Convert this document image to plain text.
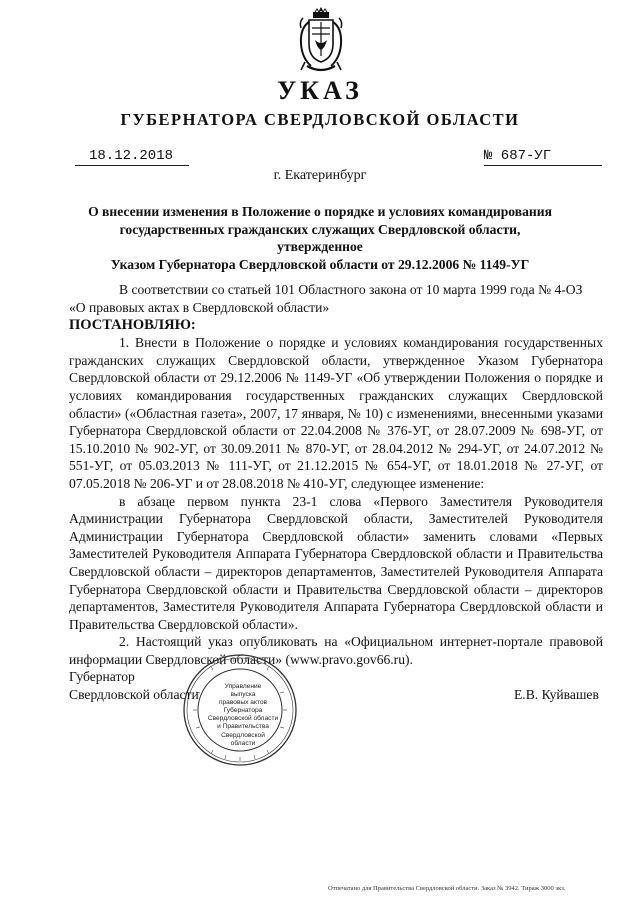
УКАЗ
ГУБЕРНАТОРА СВЕРДЛОВСКОЙ ОБЛАСТИ
18.12.2018	№ 687-УГ
г. Екатеринбург
О внесении изменения в Положение о порядке и условиях командирования
государственных гражданских служащих Свердловской области, утвержденное
Указом Губернатора Свердловской области от 29.12.2006 № 1149-УГ

В соответствии со статьей 101 Областного закона от 10 марта 1999 года № 4-ОЗ

«О правовых актах в Свердловской области»

ПОСТАНОВЛЯЮ:

1. Внести в Положение о порядке и условиях командирования государственных гражданских служащих Свердловской области, утвержденное Указом Губернатора Свердловской области от 29.12.2006 № 1149-УГ «Об утверждении Положения о порядке и условиях командирования государственных гражданских служащих Свердловской области» («Областная газета», 2007, 17 января, № 10) с изменениями, внесенными указами Губернатора Свердловской области от 22.04.2008 № 376-УГ, от 28.07.2009 № 698-УГ, от 15.10.2010 № 902-УГ, от 30.09.2011 № 870-УГ, от 28.04.2012 № 294-УГ, от 24.07.2012 № 551-УГ, от 05.03.2013 № 111-УГ, от 21.12.2015 № 654-УГ, от 18.01.2018 № 27-УГ, от 07.05.2018 № 206-УГ и от 28.08.2018 № 410-УГ, следующее изменение:

в абзаце первом пункта 23-1 слова «Первого Заместителя Руководителя Администрации Губернатора Свердловской области, Заместителей Руководителя Администрации Губернатора Свердловской области» заменить словами «Первых Заместителей Руководителя Аппарата Губернатора Свердловской области и Правительства Свердловской области – директоров департаментов, Заместителей Руководителя Аппарата Губернатора Свердловской области и Правительства Свердловской области – директоров департаментов, Заместителя Руководителя Аппарата Губернатора Свердловской области и Правительства Свердловской области».

2. Настоящий указ опубликовать на «Официальном интернет-портале правовой информации Свердловской области» (www.pravo.gov66.ru).

Управление
выпуска
правовых актов
Губернатора
Свердловской области
и Правительства
Свердловской
области
Губернатор
Свердловской области	Е.В. Куйвашев
Отпечатано для Правительства Свердловской области. Заказ № 3942. Тираж 3000 экз.
